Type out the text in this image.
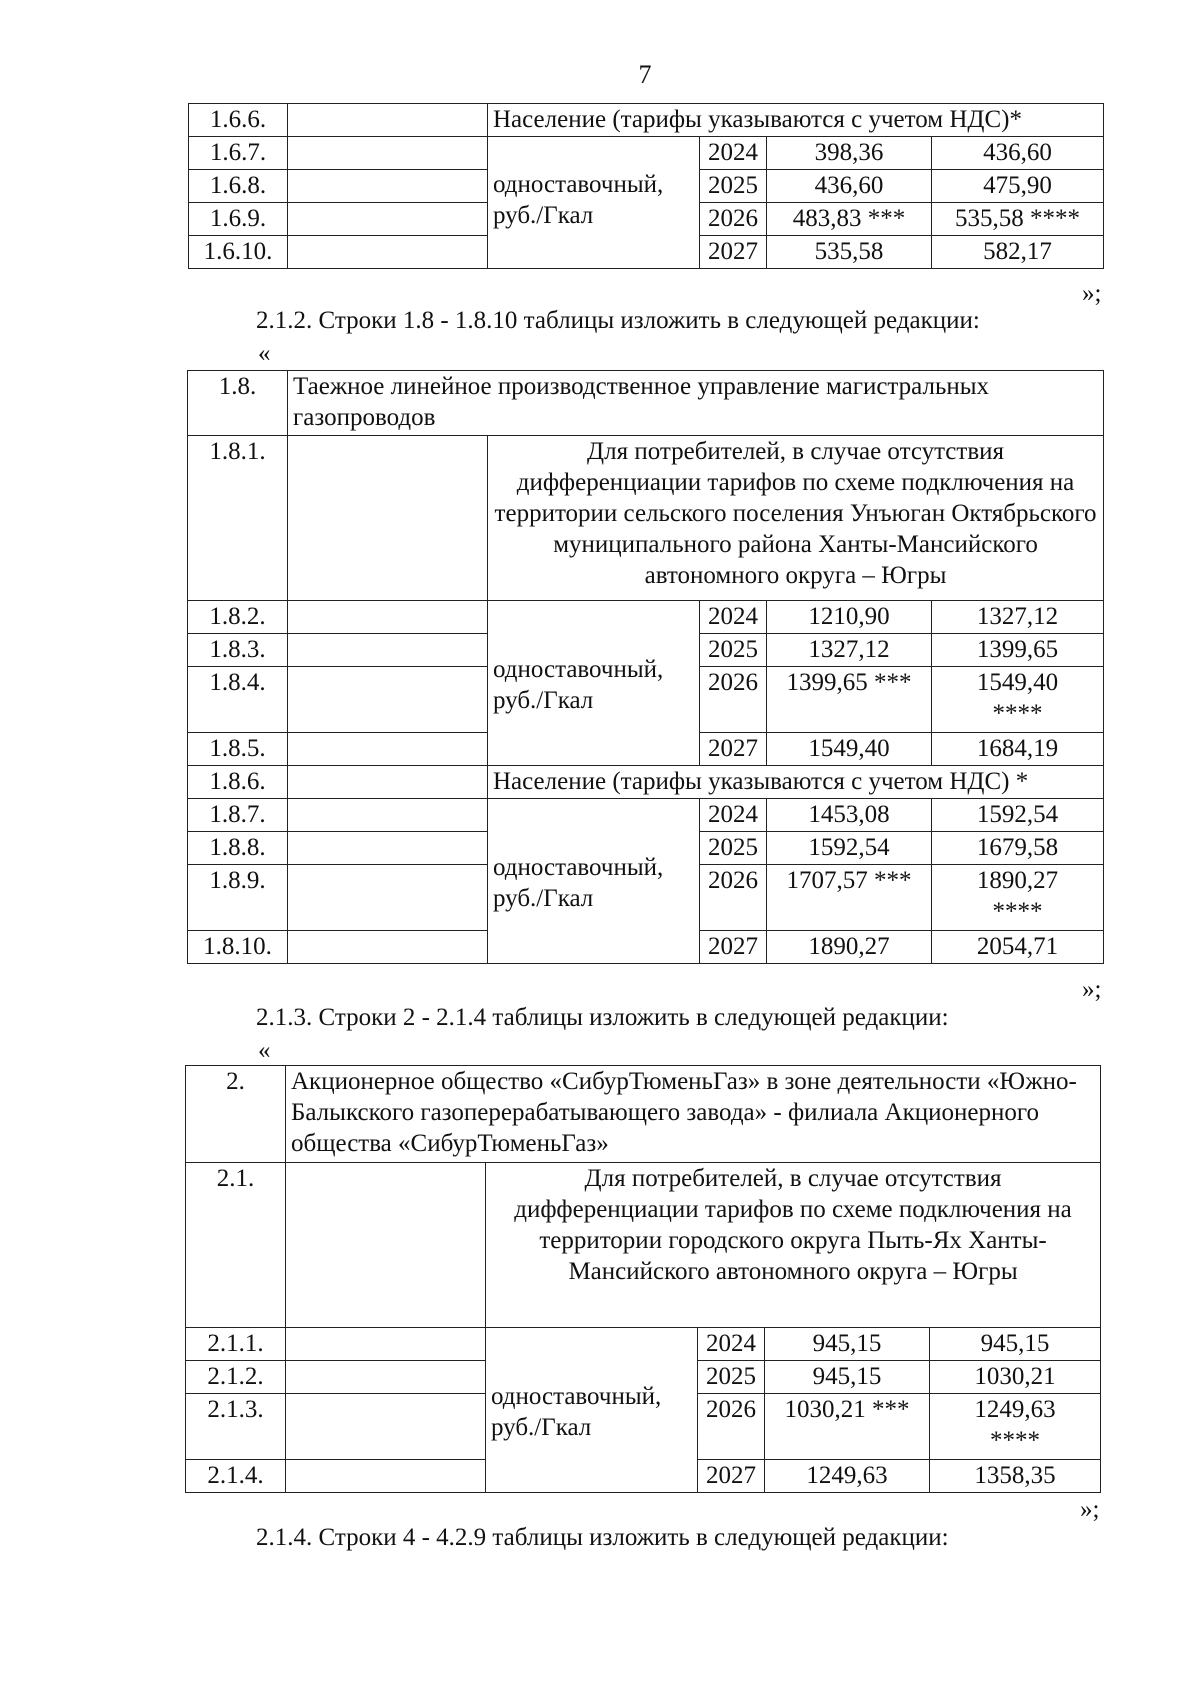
7
1.6.6.		Население (тарифы указываются с учетом НДС)*			
1.6.7.		одноставочный, руб./Гкал	2024	398,36	436,60
1.6.8.			2025	436,60	475,90
1.6.9.			2026	483,83 ***	535,58 ****
1.6.10.			2027	535,58	582,17
»;
2.1.2. Строки 1.8 - 1.8.10 таблицы изложить в следующей редакции:
«
1.8.	Таежное линейное производственное управление магистральных газопроводов				
1.8.1.		Для потребителей, в случае отсутствия дифференциации тарифов по схеме подключения на территории сельского поселения Унъюган Октябрьского муниципального района Ханты-Мансийского автономного округа – Югры			
1.8.2.		одноставочный, руб./Гкал	2024	1210,90	1327,12
1.8.3.			2025	1327,12	1399,65
1.8.4.			2026	1399,65 ***	1549,40
****

1.8.5.			2027	1549,40	1684,19
1.8.6.		Население (тарифы указываются с учетом НДС) *			
1.8.7.		одноставочный, руб./Гкал	2024	1453,08	1592,54
1.8.8.			2025	1592,54	1679,58
1.8.9.			2026	1707,57 ***	1890,27
****

1.8.10.			2027	1890,27	2054,71
»;
2.1.3. Строки 2 - 2.1.4 таблицы изложить в следующей редакции:
«
2.	Акционерное общество «СибурТюменьГаз» в зоне деятельности «Южно-Балыкского газоперерабатывающего завода» - филиала Акционерного общества «СибурТюменьГаз»				
2.1.		Для потребителей, в случае отсутствия дифференциации тарифов по схеме подключения на территории городского округа Пыть-Ях Ханты-Мансийского автономного округа – Югры			
2.1.1.		одноставочный, руб./Гкал	2024	945,15	945,15
2.1.2.			2025	945,15	1030,21
2.1.3.			2026	1030,21 ***	1249,63
****

2.1.4.			2027	1249,63	1358,35
»;
2.1.4. Строки 4 - 4.2.9 таблицы изложить в следующей редакции:
